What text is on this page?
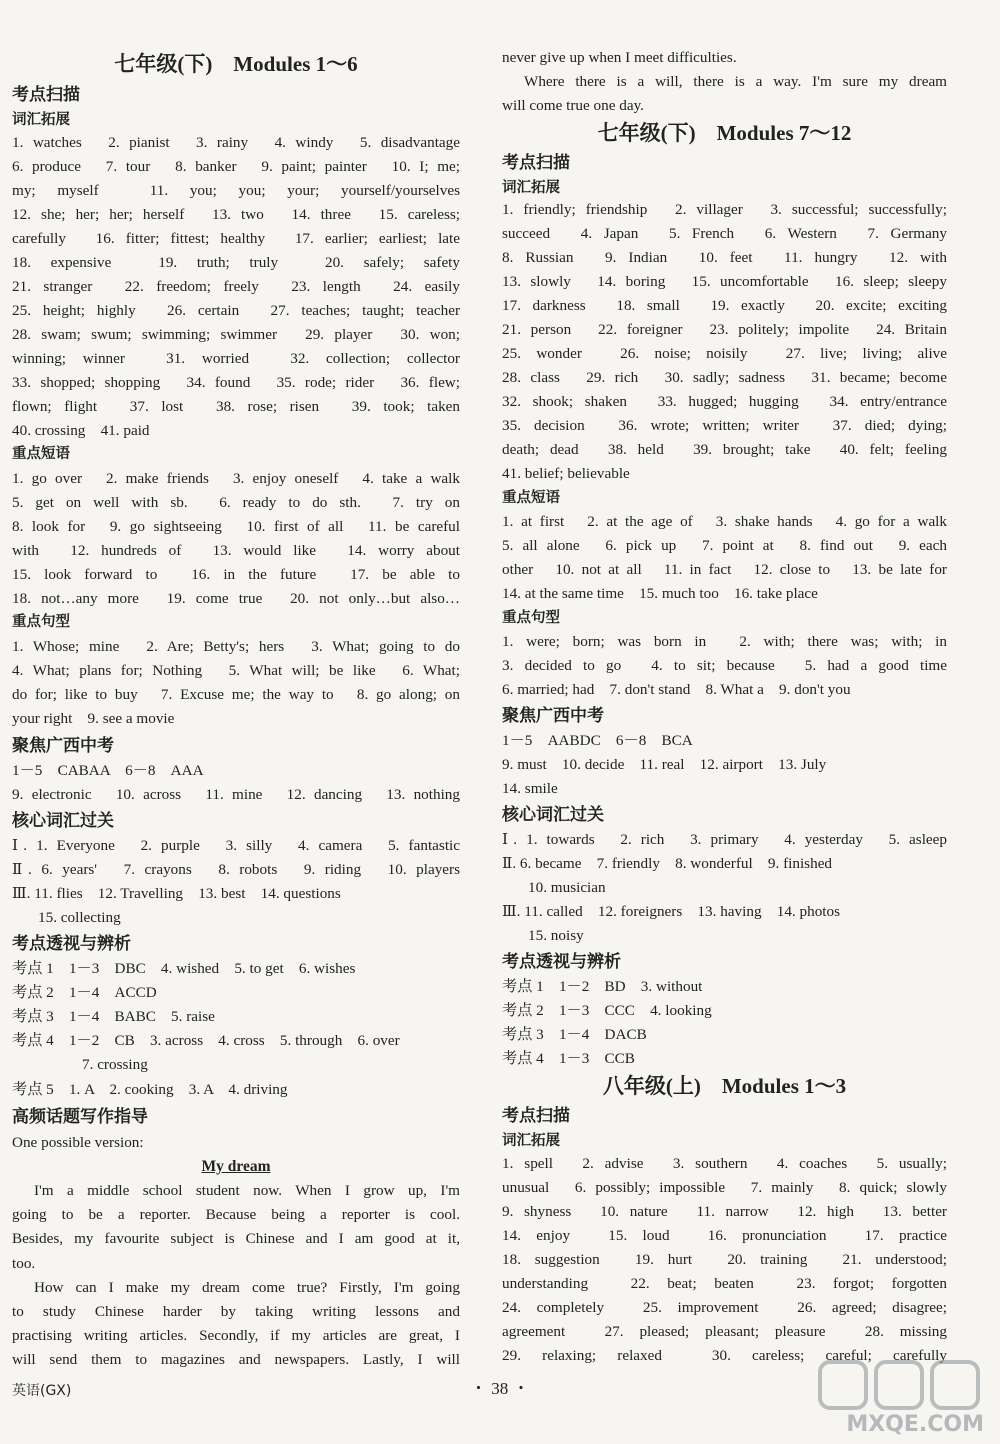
七年级(下)　Modules 1～6
考点扫描
词汇拓展
1. watches　2. pianist　3. rainy　4. windy　5. disadvantage
6. produce　7. tour　8. banker　9. paint; painter　10. I; me;
my; myself　11. you; you; your; yourself/yourselves
12. she; her; her; herself　13. two　14. three　15. careless;
carefully　16. fitter; fittest; healthy　17. earlier; earliest; late
18. expensive　19. truth; truly　20. safely; safety
21. stranger　22. freedom; freely　23. length　24. easily
25. height; highly　26. certain　27. teaches; taught; teacher
28. swam; swum; swimming; swimmer　29. player　30. won;
winning; winner　31. worried　32. collection; collector
33. shopped; shopping　34. found　35. rode; rider　36. flew;
flown; flight　37. lost　38. rose; risen　39. took; taken
40. crossing　41. paid
重点短语
1. go over　2. make friends　3. enjoy oneself　4. take a walk
5. get on well with sb.　6. ready to do sth.　7. try on
8. look for　9. go sightseeing　10. first of all　11. be careful
with　12. hundreds of　13. would like　14. worry about
15. look forward to　16. in the future　17. be able to
18. not…any more　19. come true　20. not only…but also…
重点句型
1. Whose; mine　2. Are; Betty's; hers　3. What; going to do
4. What; plans for; Nothing　5. What will; be like　6. What;
do for; like to buy　7. Excuse me; the way to　8. go along; on
your right　9. see a movie
聚焦广西中考
1－5　CABAA　6－8　AAA
9. electronic　10. across　11. mine　12. dancing　13. nothing
核心词汇过关
Ⅰ. 1. Everyone　2. purple　3. silly　4. camera　5. fantastic
Ⅱ. 6. years'　7. crayons　8. robots　9. riding　10. players
Ⅲ. 11. flies　12. Travelling　13. best　14. questions
15. collecting
考点透视与辨析
考点 1　1－3　DBC　4. wished　5. to get　6. wishes
考点 2　1－4　ACCD
考点 3　1－4　BABC　5. raise
考点 4　1－2　CB　3. across　4. cross　5. through　6. over
7. crossing
考点 5　1. A　2. cooking　3. A　4. driving
高频话题写作指导
One possible version:
My dream
I'm a middle school student now. When I grow up, I'm
going to be a reporter. Because being a reporter is cool.
Besides, my favourite subject is Chinese and I am good at it,
too.
How can I make my dream come true? Firstly, I'm going
to study Chinese harder by taking writing lessons and
practising writing articles. Secondly, if my articles are great, I
will send them to magazines and newspapers. Lastly, I will
never give up when I meet difficulties.
Where there is a will, there is a way. I'm sure my dream
will come true one day.
七年级(下)　Modules 7～12
考点扫描
词汇拓展
1. friendly; friendship　2. villager　3. successful; successfully;
succeed　4. Japan　5. French　6. Western　7. Germany
8. Russian　9. Indian　10. feet　11. hungry　12. with
13. slowly　14. boring　15. uncomfortable　16. sleep; sleepy
17. darkness　18. small　19. exactly　20. excite; exciting
21. person　22. foreigner　23. politely; impolite　24. Britain
25. wonder　26. noise; noisily　27. live; living; alive
28. class　29. rich　30. sadly; sadness　31. became; become
32. shook; shaken　33. hugged; hugging　34. entry/entrance
35. decision　36. wrote; written; writer　37. died; dying;
death; dead　38. held　39. brought; take　40. felt; feeling
41. belief; believable
重点短语
1. at first　2. at the age of　3. shake hands　4. go for a walk
5. all alone　6. pick up　7. point at　8. find out　9. each
other　10. not at all　11. in fact　12. close to　13. be late for
14. at the same time　15. much too　16. take place
重点句型
1. were; born; was born in　2. with; there was; with; in
3. decided to go　4. to sit; because　5. had a good time
6. married; had　7. don't stand　8. What a　9. don't you
聚焦广西中考
1－5　AABDC　6－8　BCA
9. must　10. decide　11. real　12. airport　13. July
14. smile
核心词汇过关
Ⅰ. 1. towards　2. rich　3. primary　4. yesterday　5. asleep
Ⅱ. 6. became　7. friendly　8. wonderful　9. finished
10. musician
Ⅲ. 11. called　12. foreigners　13. having　14. photos
15. noisy
考点透视与辨析
考点 1　1－2　BD　3. without
考点 2　1－3　CCC　4. looking
考点 3　1－4　DACB
考点 4　1－3　CCB
八年级(上)　Modules 1～3
考点扫描
词汇拓展
1. spell　2. advise　3. southern　4. coaches　5. usually;
unusual　6. possibly; impossible　7. mainly　8. quick; slowly
9. shyness　10. nature　11. narrow　12. high　13. better
14. enjoy　15. loud　16. pronunciation　17. practice
18. suggestion　19. hurt　20. training　21. understood;
understanding　22. beat; beaten　23. forgot; forgotten
24. completely　25. improvement　26. agreed; disagree;
agreement　27. pleased; pleasant; pleasure　28. missing
29. relaxing; relaxed　30. careless; careful; carefully
英语(GX)	・ 38 ・
MXQE.COM
